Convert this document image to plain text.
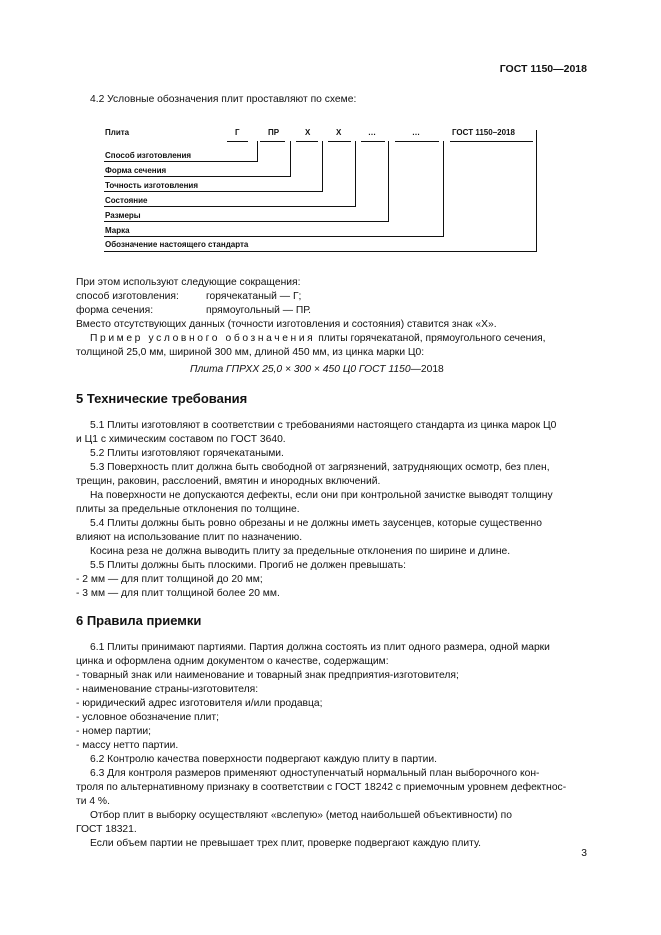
ГОСТ 1150—2018
4.2 Условные обозначения плит проставляют по схеме:
Плита	Г	ПР	Х	Х	…	…	ГОСТ 1150–2018
Способ изготовления
Форма сечения
Точность изготовления
Состояние
Размеры
Марка
Обозначение настоящего стандарта
При этом используют следующие сокращения:
способ изготовления:	горячекатаный — Г;
форма сечения:	прямоугольный — ПР.
Вместо отсутствующих данных (точности изготовления и состояния) ставится знак «Х».
Пример условного обозначения плиты горячекатаной, прямоугольного сечения,
толщиной 25,0 мм, шириной 300 мм, длиной 450 мм, из цинка марки Ц0:
Плита ГПРХХ 25,0 × 300 × 450 Ц0 ГОСТ 1150—2018
5 Технические требования
5.1 Плиты изготовляют в соответствии с требованиями настоящего стандарта из цинка марок Ц0
и Ц1 с химическим составом по ГОСТ 3640.
5.2 Плиты изготовляют горячекатаными.
5.3 Поверхность плит должна быть свободной от загрязнений, затрудняющих осмотр, без плен,
трещин, раковин, расслоений, вмятин и инородных включений.
На поверхности не допускаются дефекты, если они при контрольной зачистке выводят толщину
плиты за предельные отклонения по толщине.
5.4 Плиты должны быть ровно обрезаны и не должны иметь заусенцев, которые существенно
влияют на использование плит по назначению.
Косина реза не должна выводить плиту за предельные отклонения по ширине и длине.
5.5 Плиты должны быть плоскими. Прогиб не должен превышать:
- 2 мм — для плит толщиной до 20 мм;
- 3 мм — для плит толщиной более 20 мм.
6 Правила приемки
6.1 Плиты принимают партиями. Партия должна состоять из плит одного размера, одной марки
цинка и оформлена одним документом о качестве, содержащим:
- товарный знак или наименование и товарный знак предприятия-изготовителя;
- наименование страны-изготовителя:
- юридический адрес изготовителя и/или продавца;
- условное обозначение плит;
- номер партии;
- массу нетто партии.
6.2 Контролю качества поверхности подвергают каждую плиту в партии.
6.3 Для контроля размеров применяют одноступенчатый нормальный план выборочного кон-
троля по альтернативному признаку в соответствии с ГОСТ 18242 с приемочным уровнем дефектнос-
ти 4 %.
Отбор плит в выборку осуществляют «вслепую» (метод наибольшей объективности) по
ГОСТ 18321.
Если объем партии не превышает трех плит, проверке подвергают каждую плиту.
3
